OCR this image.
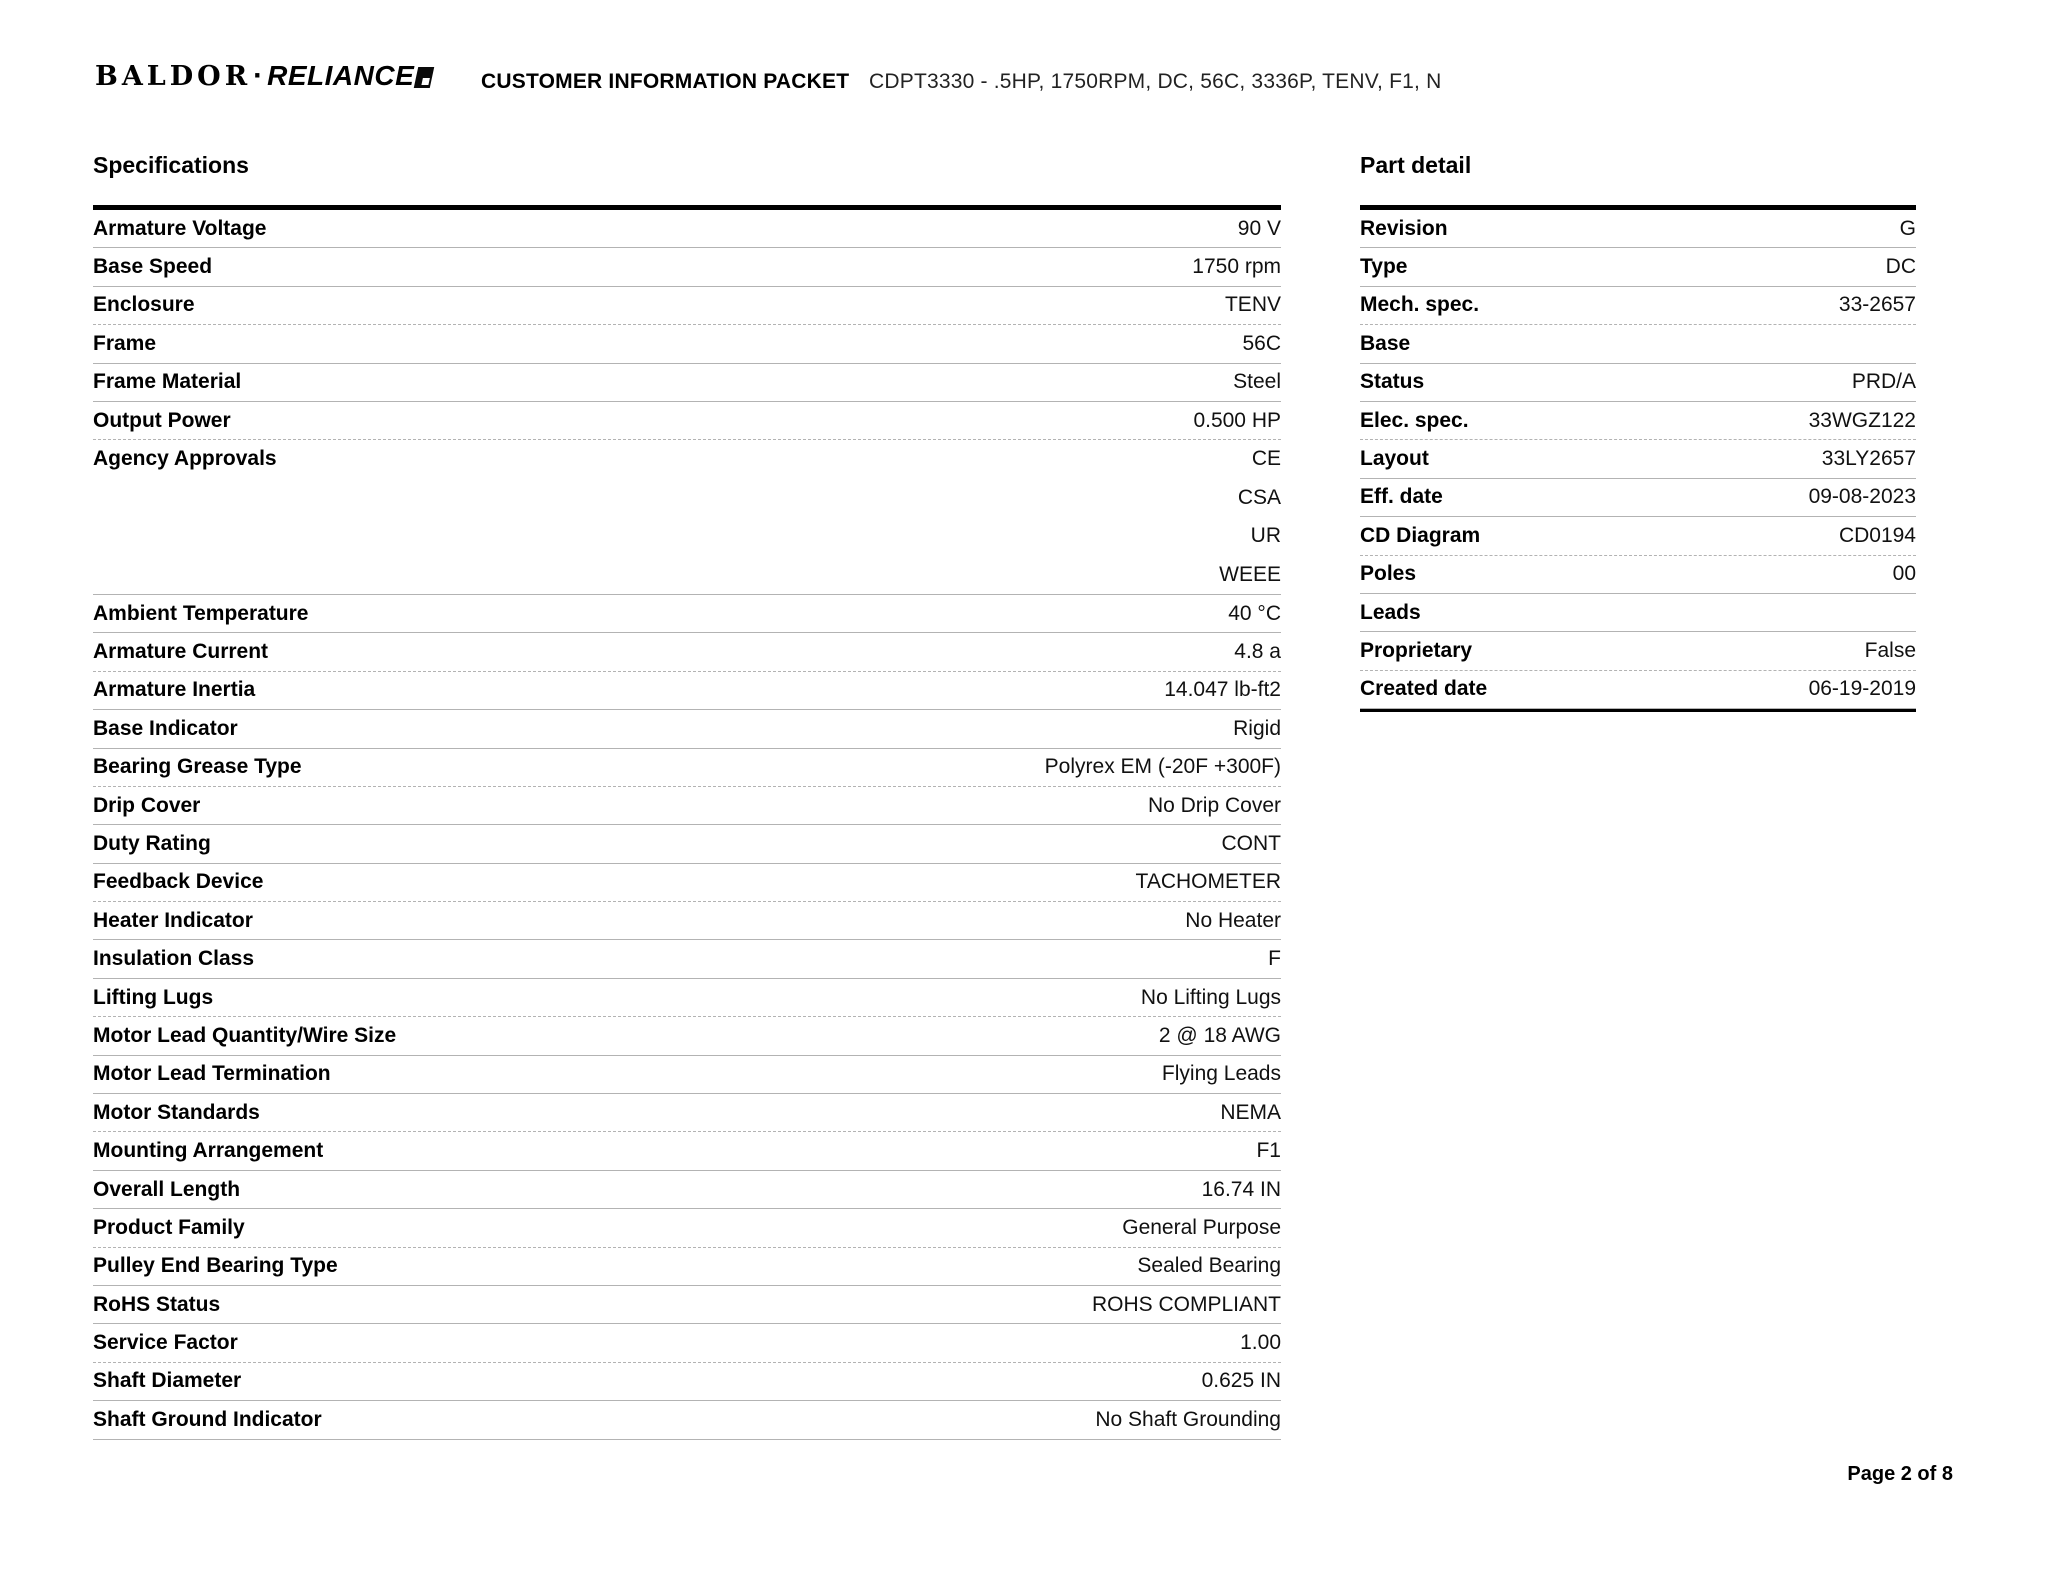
BALDOR · RELIANCE	CUSTOMER INFORMATION PACKET CDPT3330 - .5HP, 1750RPM, DC, 56C, 3336P, TENV, F1, N
Specifications
Armature Voltage	90 V
Base Speed	1750 rpm
Enclosure	TENV
Frame	56C
Frame Material	Steel
Output Power	0.500 HP
Agency Approvals	CE
CSA
UR
WEEE
Ambient Temperature	40 °C
Armature Current	4.8 a
Armature Inertia	14.047 lb-ft2
Base Indicator	Rigid
Bearing Grease Type	Polyrex EM (-20F +300F)
Drip Cover	No Drip Cover
Duty Rating	CONT
Feedback Device	TACHOMETER
Heater Indicator	No Heater
Insulation Class	F
Lifting Lugs	No Lifting Lugs
Motor Lead Quantity/Wire Size	2 @ 18 AWG
Motor Lead Termination	Flying Leads
Motor Standards	NEMA
Mounting Arrangement	F1
Overall Length	16.74 IN
Product Family	General Purpose
Pulley End Bearing Type	Sealed Bearing
RoHS Status	ROHS COMPLIANT
Service Factor	1.00
Shaft Diameter	0.625 IN
Shaft Ground Indicator	No Shaft Grounding
Part detail
Revision	G
Type	DC
Mech. spec.	33-2657
Base
Status	PRD/A
Elec. spec.	33WGZ122
Layout	33LY2657
Eff. date	09-08-2023
CD Diagram	CD0194
Poles	00
Leads
Proprietary	False
Created date	06-19-2019
Page 2 of 8
